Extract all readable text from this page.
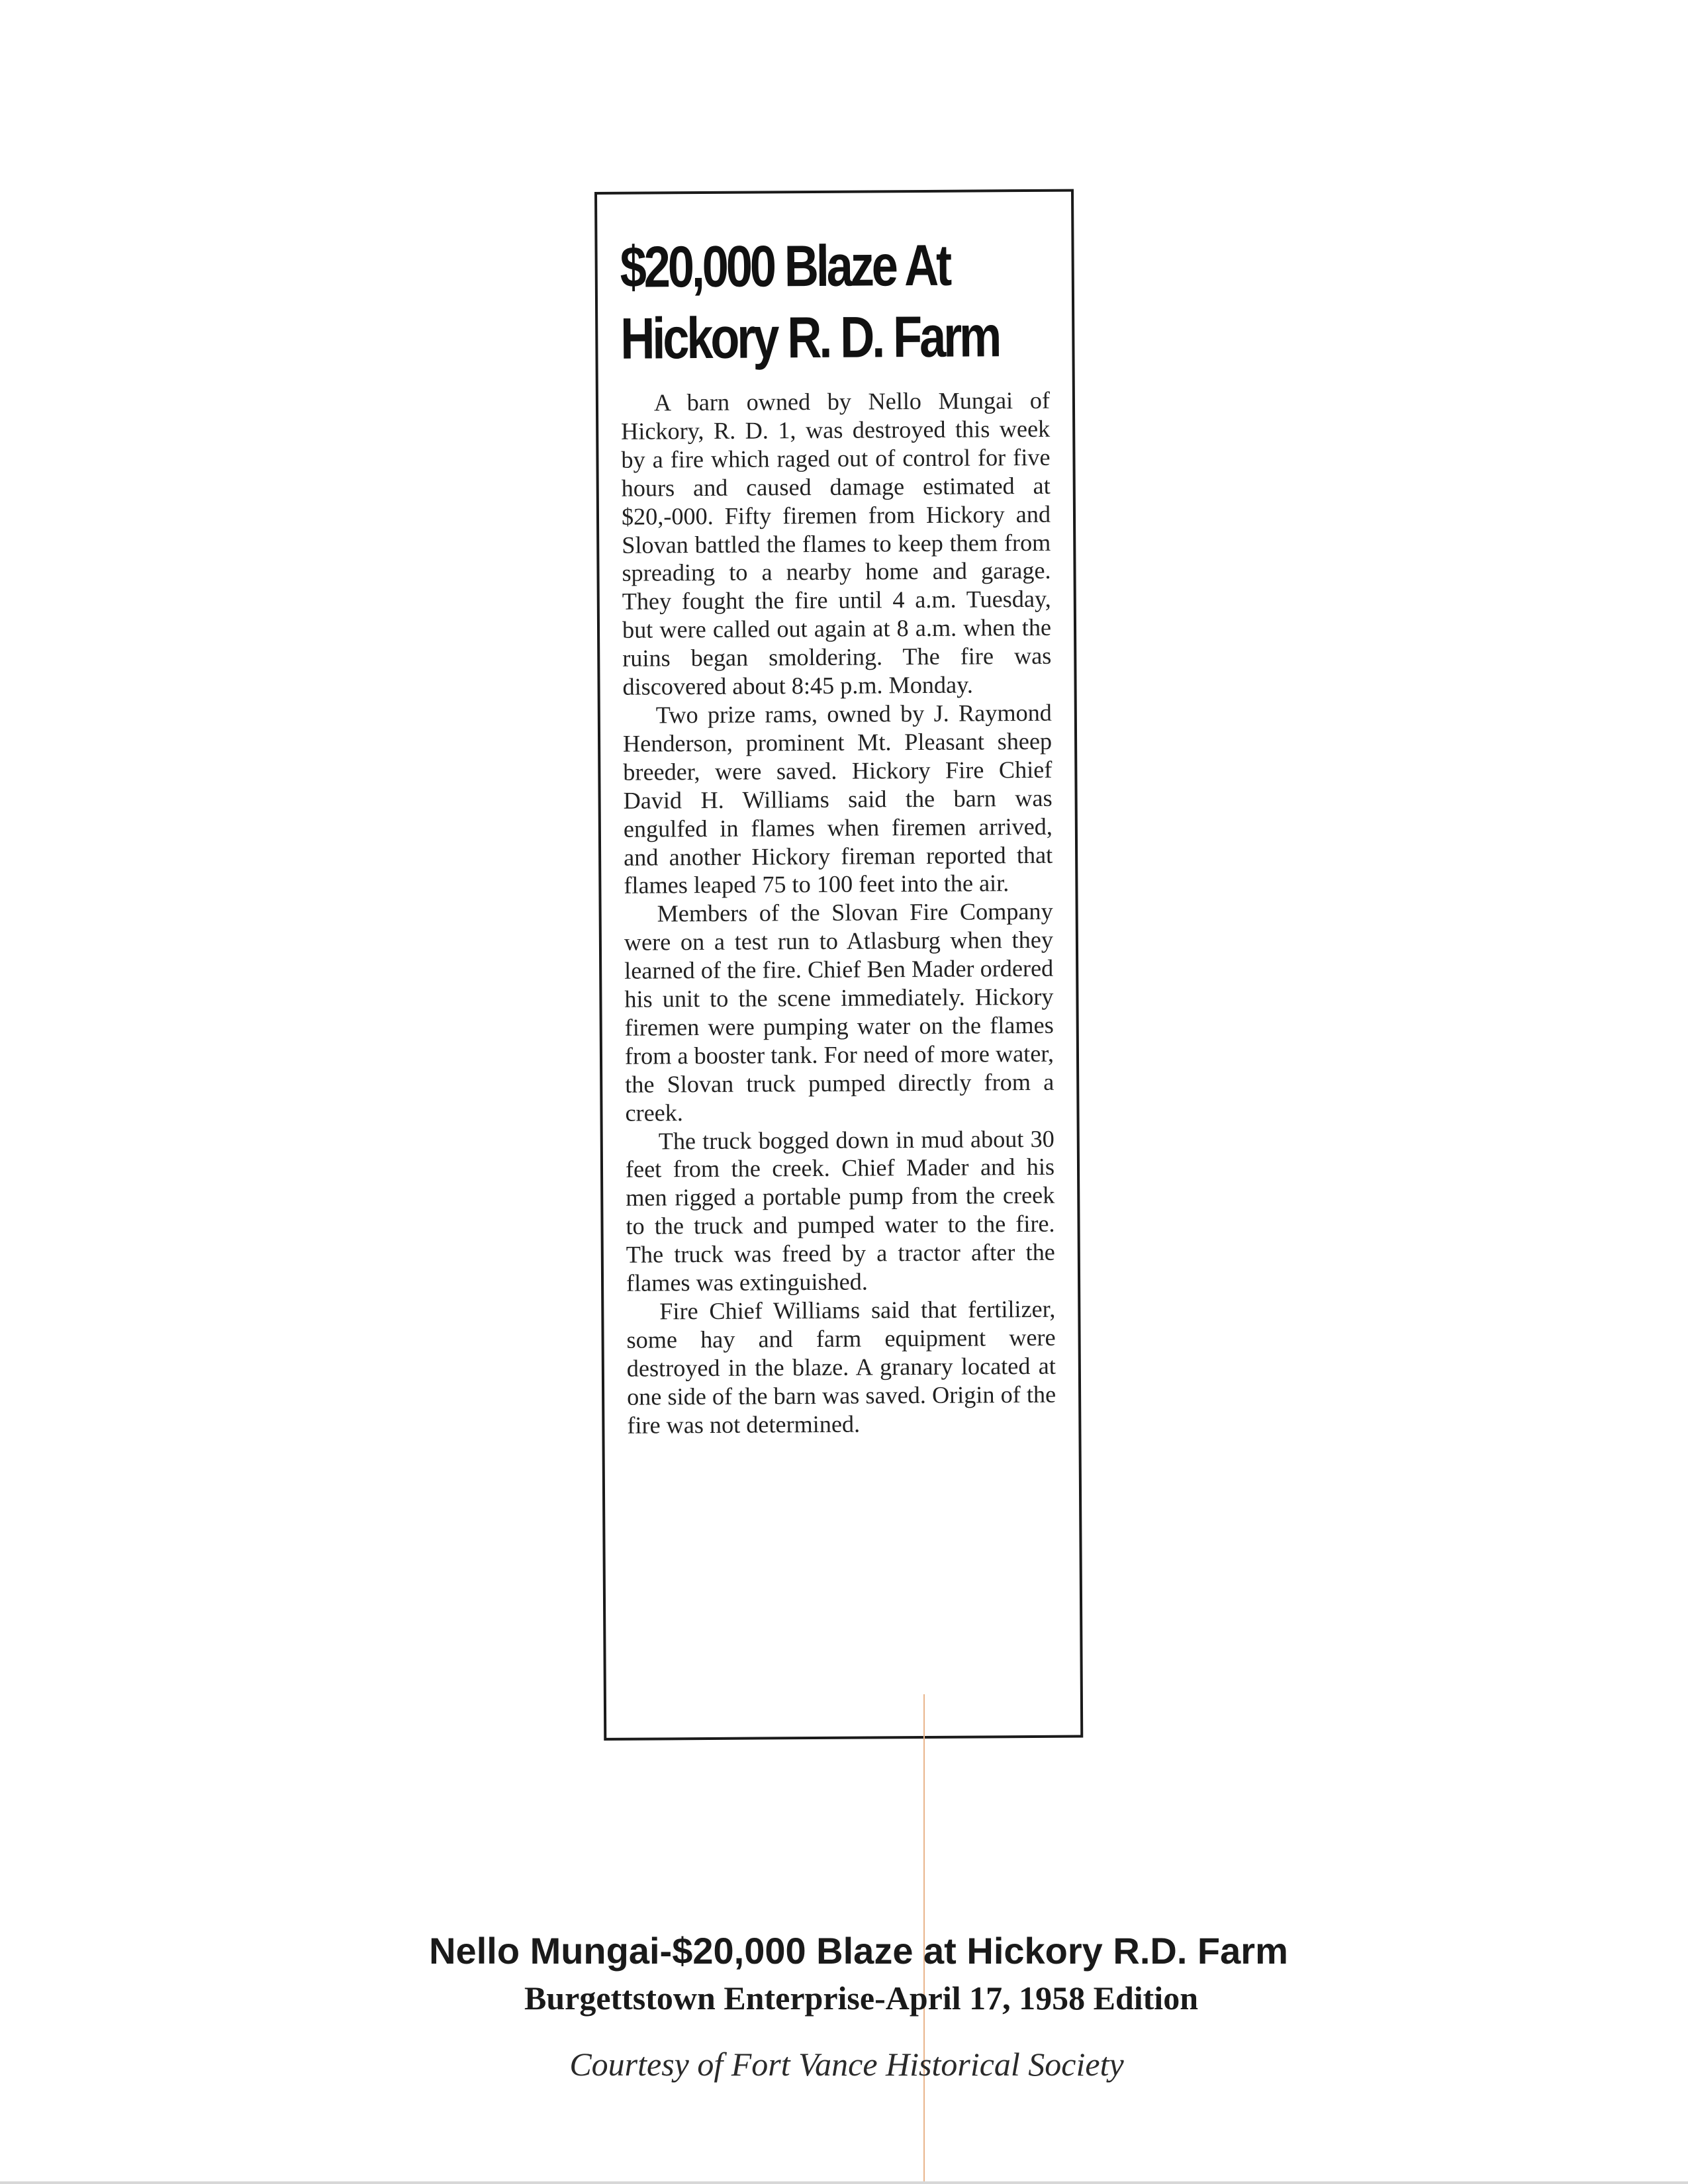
$20,000 Blaze At
Hickory R. D. Farm

A barn owned by Nello Mungai of Hickory, R. D. 1, was destroyed this week by a fire which raged out of control for five hours and caused damage estimated at $20,-000. Fifty firemen from Hickory and Slovan battled the flames to keep them from spreading to a nearby home and garage. They fought the fire until 4 a.m. Tuesday, but were called out again at 8 a.m. when the ruins began smoldering. The fire was discovered about 8:45 p.m. Monday.

Two prize rams, owned by J. Raymond Henderson, prominent Mt. Pleasant sheep breeder, were saved. Hickory Fire Chief David H. Williams said the barn was engulfed in flames when firemen arrived, and another Hickory fireman reported that flames leaped 75 to 100 feet into the air.

Members of the Slovan Fire Company were on a test run to Atlasburg when they learned of the fire. Chief Ben Mader ordered his unit to the scene immediately. Hickory firemen were pumping water on the flames from a booster tank. For need of more water, the Slovan truck pumped directly from a creek.

The truck bogged down in mud about 30 feet from the creek. Chief Mader and his men rigged a portable pump from the creek to the truck and pumped water to the fire. The truck was freed by a tractor after the flames was extinguished.

Fire Chief Williams said that fertilizer, some hay and farm equipment were destroyed in the blaze. A granary located at one side of the barn was saved. Origin of the fire was not determined.

Nello Mungai-$20,000 Blaze at Hickory R.D. Farm
Burgettstown Enterprise-April 17, 1958 Edition
Courtesy of Fort Vance Historical Society
